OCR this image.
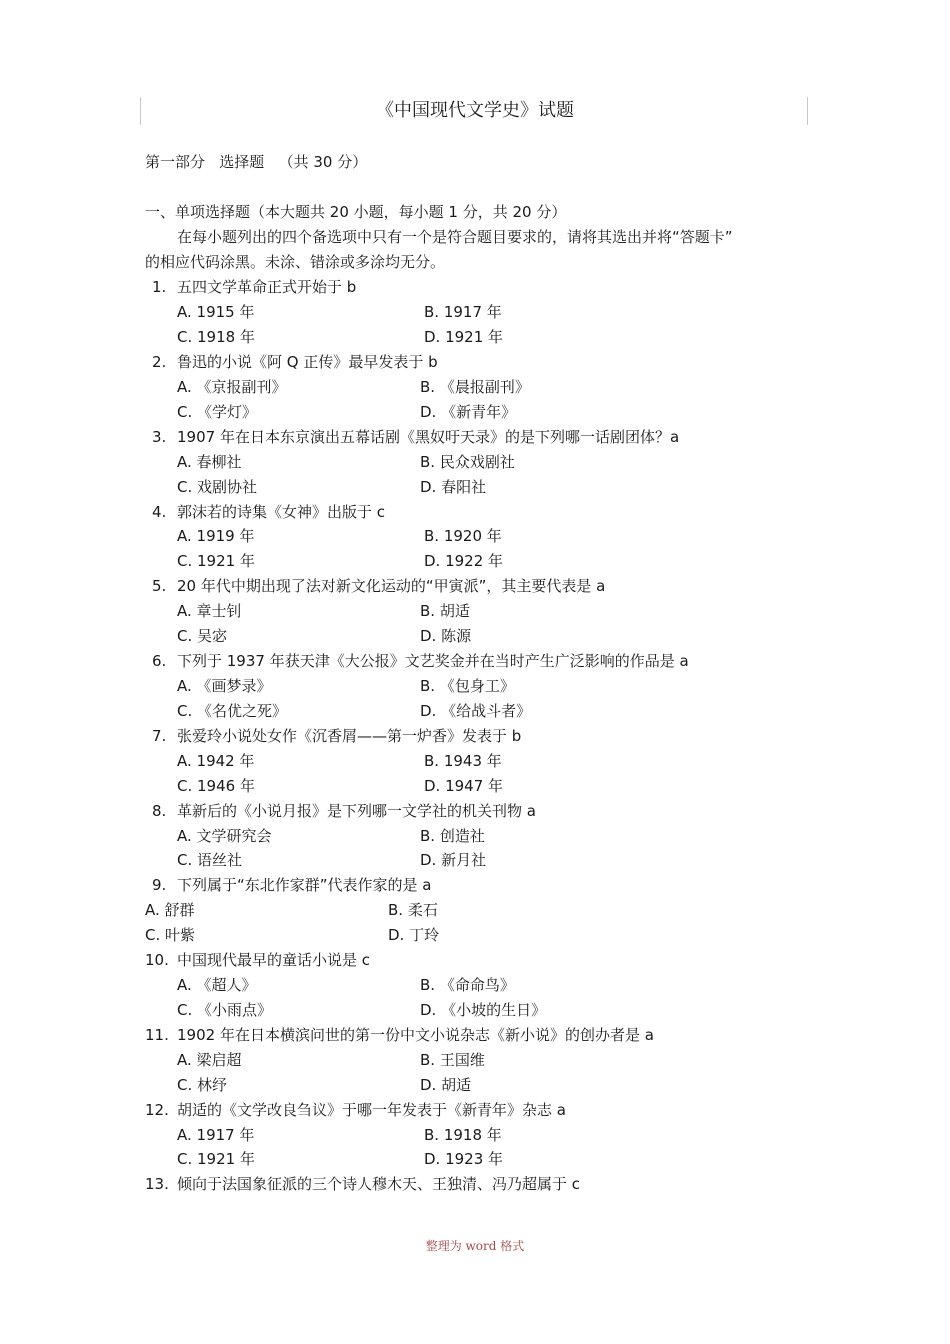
《中国现代文学史》试题
第一部分   选择题   （共 30 分）
一、单项选择题（本大题共 20 小题，每小题 1 分，共 20 分）
在每小题列出的四个备选项中只有一个是符合题目要求的，请将其选出并将“答题卡”
的相应代码涂黑。未涂、错涂或多涂均无分。
1. 五四文学革命正式开始于 b
A. 1915 年	B. 1917 年
C. 1918 年	D. 1921 年
2. 鲁迅的小说《阿 Q 正传》最早发表于 b
A. 《京报副刊》	B. 《晨报副刊》
C. 《学灯》	D. 《新青年》
3. 1907 年在日本东京演出五幕话剧《黑奴吁天录》的是下列哪一话剧团体？a
A. 春柳社	B. 民众戏剧社
C. 戏剧协社	D. 春阳社
4. 郭沫若的诗集《女神》出版于 c
A. 1919 年	B. 1920 年
C. 1921 年	D. 1922 年
5. 20 年代中期出现了法对新文化运动的“甲寅派”，其主要代表是 a
A. 章士钊	B. 胡适
C. 吴宓	D. 陈源
6. 下列于 1937 年获天津《大公报》文艺奖金并在当时产生广泛影响的作品是 a
A. 《画梦录》	B. 《包身工》
C. 《名优之死》	D. 《给战斗者》
7. 张爱玲小说处女作《沉香屑——第一炉香》发表于 b
A. 1942 年	B. 1943 年
C. 1946 年	D. 1947 年
8. 革新后的《小说月报》是下列哪一文学社的机关刊物 a
A. 文学研究会	B. 创造社
C. 语丝社	D. 新月社
9. 下列属于“东北作家群”代表作家的是 a
A. 舒群	B. 柔石
C. 叶紫	D. 丁玲
10. 中国现代最早的童话小说是 c
A. 《超人》	B. 《命命鸟》
C. 《小雨点》	D. 《小坡的生日》
11. 1902 年在日本横滨问世的第一份中文小说杂志《新小说》的创办者是 a
A. 梁启超	B. 王国维
C. 林纾	D. 胡适
12. 胡适的《文学改良刍议》于哪一年发表于《新青年》杂志 a
A. 1917 年	B. 1918 年
C. 1921 年	D. 1923 年
13. 倾向于法国象征派的三个诗人穆木天、王独清、冯乃超属于 c
整理为 word 格式
